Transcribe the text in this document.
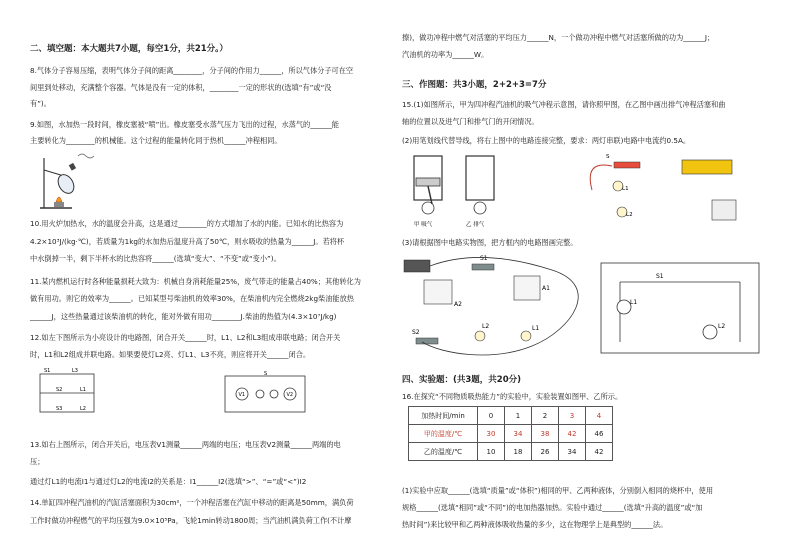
二、填空题：本大题共7小题，每空1分，共21分。）
8.气体分子容易压缩，表明气体分子间的距离________，分子间的作用力______，所以气体分子可在空
间里到处移动，充满整个容器。气体是没有一定的体积，________一定的形状的(选填“有”或“没
有”)。
9.如图，水加热一段时间，橡皮塞被“喷”出。橡皮塞受水蒸气压力飞出的过程，水蒸气的______能
主要转化为________的机械能。这个过程的能量转化同于热机______冲程相同。
10.用火炉加热水，水的温度会升高，这是通过________的方式增加了水的内能。已知水的比热容为
4.2×10³J/(kg·℃)，若质量为1kg的水加热后温度升高了50℃，则水吸收的热量为______J。若将杯
中水倒掉一半，剩下半杯水的比热容将______(选填“变大”、“不变”或“变小”)。
11.某内燃机运行时各种能量损耗大致为：机械自身消耗能量25%，废气带走的能量占40%；其他转化为
做有用功。则它的效率为______。已知某型号柴油机的效率30%，在柴油机内完全燃烧2kg柴油能放热
______J，这些热量通过该柴油机的转化，能对外做有用功________J.柴油的热值为(4.3×10⁷J/kg)
12.如左下图所示为小亮设计的电路图，闭合开关______时，L1、L2和L3组成串联电路；闭合开关
时，L1和L2组成并联电路。如果要使灯L2亮、灯L1、L3不亮，则应将开关______闭合。
S1	L3
S2	L1
S3	L2
V1	V2
S
13.如右上图所示，闭合开关后，电压表V1测量______两端的电压；电压表V2测量______两端的电
压；
通过灯L1的电流I1与通过灯L2的电流I2的关系是：I1______I2(选填“>”、“=”或“<”)I2
14.单缸四冲程汽油机的汽缸活塞面积为30cm²，一个冲程活塞在汽缸中移动的距离是50mm，满负荷
工作时做功冲程燃气的平均压强为9.0×10⁵Pa，飞轮1min转动1800周；当汽油机满负荷工作(不计摩
擦)，做功冲程中燃气对活塞的平均压力______N，一个做功冲程中燃气对活塞所做的功为______J；
汽油机的功率为______W。
三、作图题：共3小题，2+2+3=7分
15.(1)如图所示，甲为四冲程汽油机的吸气冲程示意图，请你照甲图，在乙图中画出排气冲程活塞和曲
轴的位置以及进气门和排气门的开闭情况。
(2)用笔划线代替导线，将右上图中的电路连接完整，要求：两灯串联)电路中电流约0.5A。
甲 吸气	乙 排气
S
L1
L2
(3)请根据图中电路实物图，把方框内的电路图画完整。
S1
A2
A1
S2
L2	L1
S1
L1
L2
四、实验题：(共3题，共20分)
16.在探究“不同物质吸热能力”的实验中，实验装置如图甲、乙所示。
加热时间/min	0	1	2	3	4
甲的温度/℃	30	34	38	42	46
乙的温度/℃	10	18	26	34	42
(1)实验中应取______(选填“质量”或“体积”)相同的甲、乙两种液体，分别倒入相同的烧杯中，使用
规格______(选填“相同”或“不同”)的电加热器加热。实验中通过______(选填“升高的温度”或“加
热时间”)来比较甲和乙两种液体吸收热量的多少，这在物理学上是典型的______法。
